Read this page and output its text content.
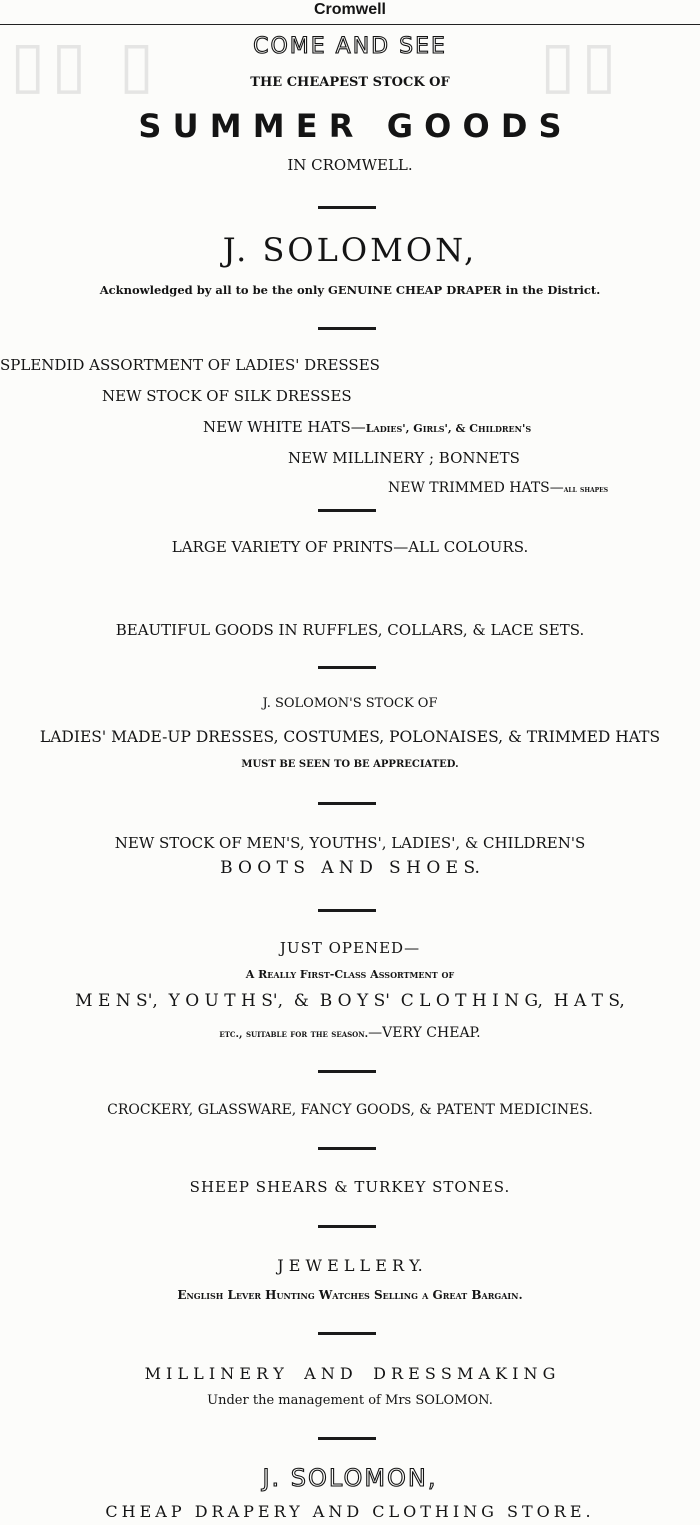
▯▯ ▯	▯▯
Cromwell
COME AND SEE
THE CHEAPEST STOCK OF
S U M M E R   G O O D S
IN CROMWELL.
J. SOLOMON,
Acknowledged by all to be the only GENUINE CHEAP DRAPER in the District.
SPLENDID ASSORTMENT OF LADIES' DRESSES
NEW STOCK OF SILK DRESSES
NEW WHITE HATS—Ladies', Girls', & Children's
NEW MILLINERY ; BONNETS
NEW TRIMMED HATS—all shapes
LARGE VARIETY OF PRINTS—ALL COLOURS.
BEAUTIFUL GOODS IN RUFFLES, COLLARS, & LACE SETS.
J. SOLOMON'S STOCK OF
LADIES' MADE-UP DRESSES, COSTUMES, POLONAISES, & TRIMMED HATS
MUST BE SEEN TO BE APPRECIATED.
NEW STOCK OF MEN'S, YOUTHS', LADIES', & CHILDREN'S
B O O T S   A N D   S H O E S.
JUST OPENED—
A Really First-Class Assortment of
M E N S',  Y O U T H S',  &  B O Y S'  C L O T H I N G,  H A T S,
etc., suitable for the season.—VERY CHEAP.
CROCKERY, GLASSWARE, FANCY GOODS, & PATENT MEDICINES.
SHEEP SHEARS & TURKEY STONES.
J E W E L L E R Y.
English Lever Hunting Watches Selling a Great Bargain.
M I L L I N E R Y    A N D    D R E S S M A K I N G
Under the management of Mrs SOLOMON.
J. SOLOMON,
CHEAP DRAPERY AND CLOTHING STORE.
